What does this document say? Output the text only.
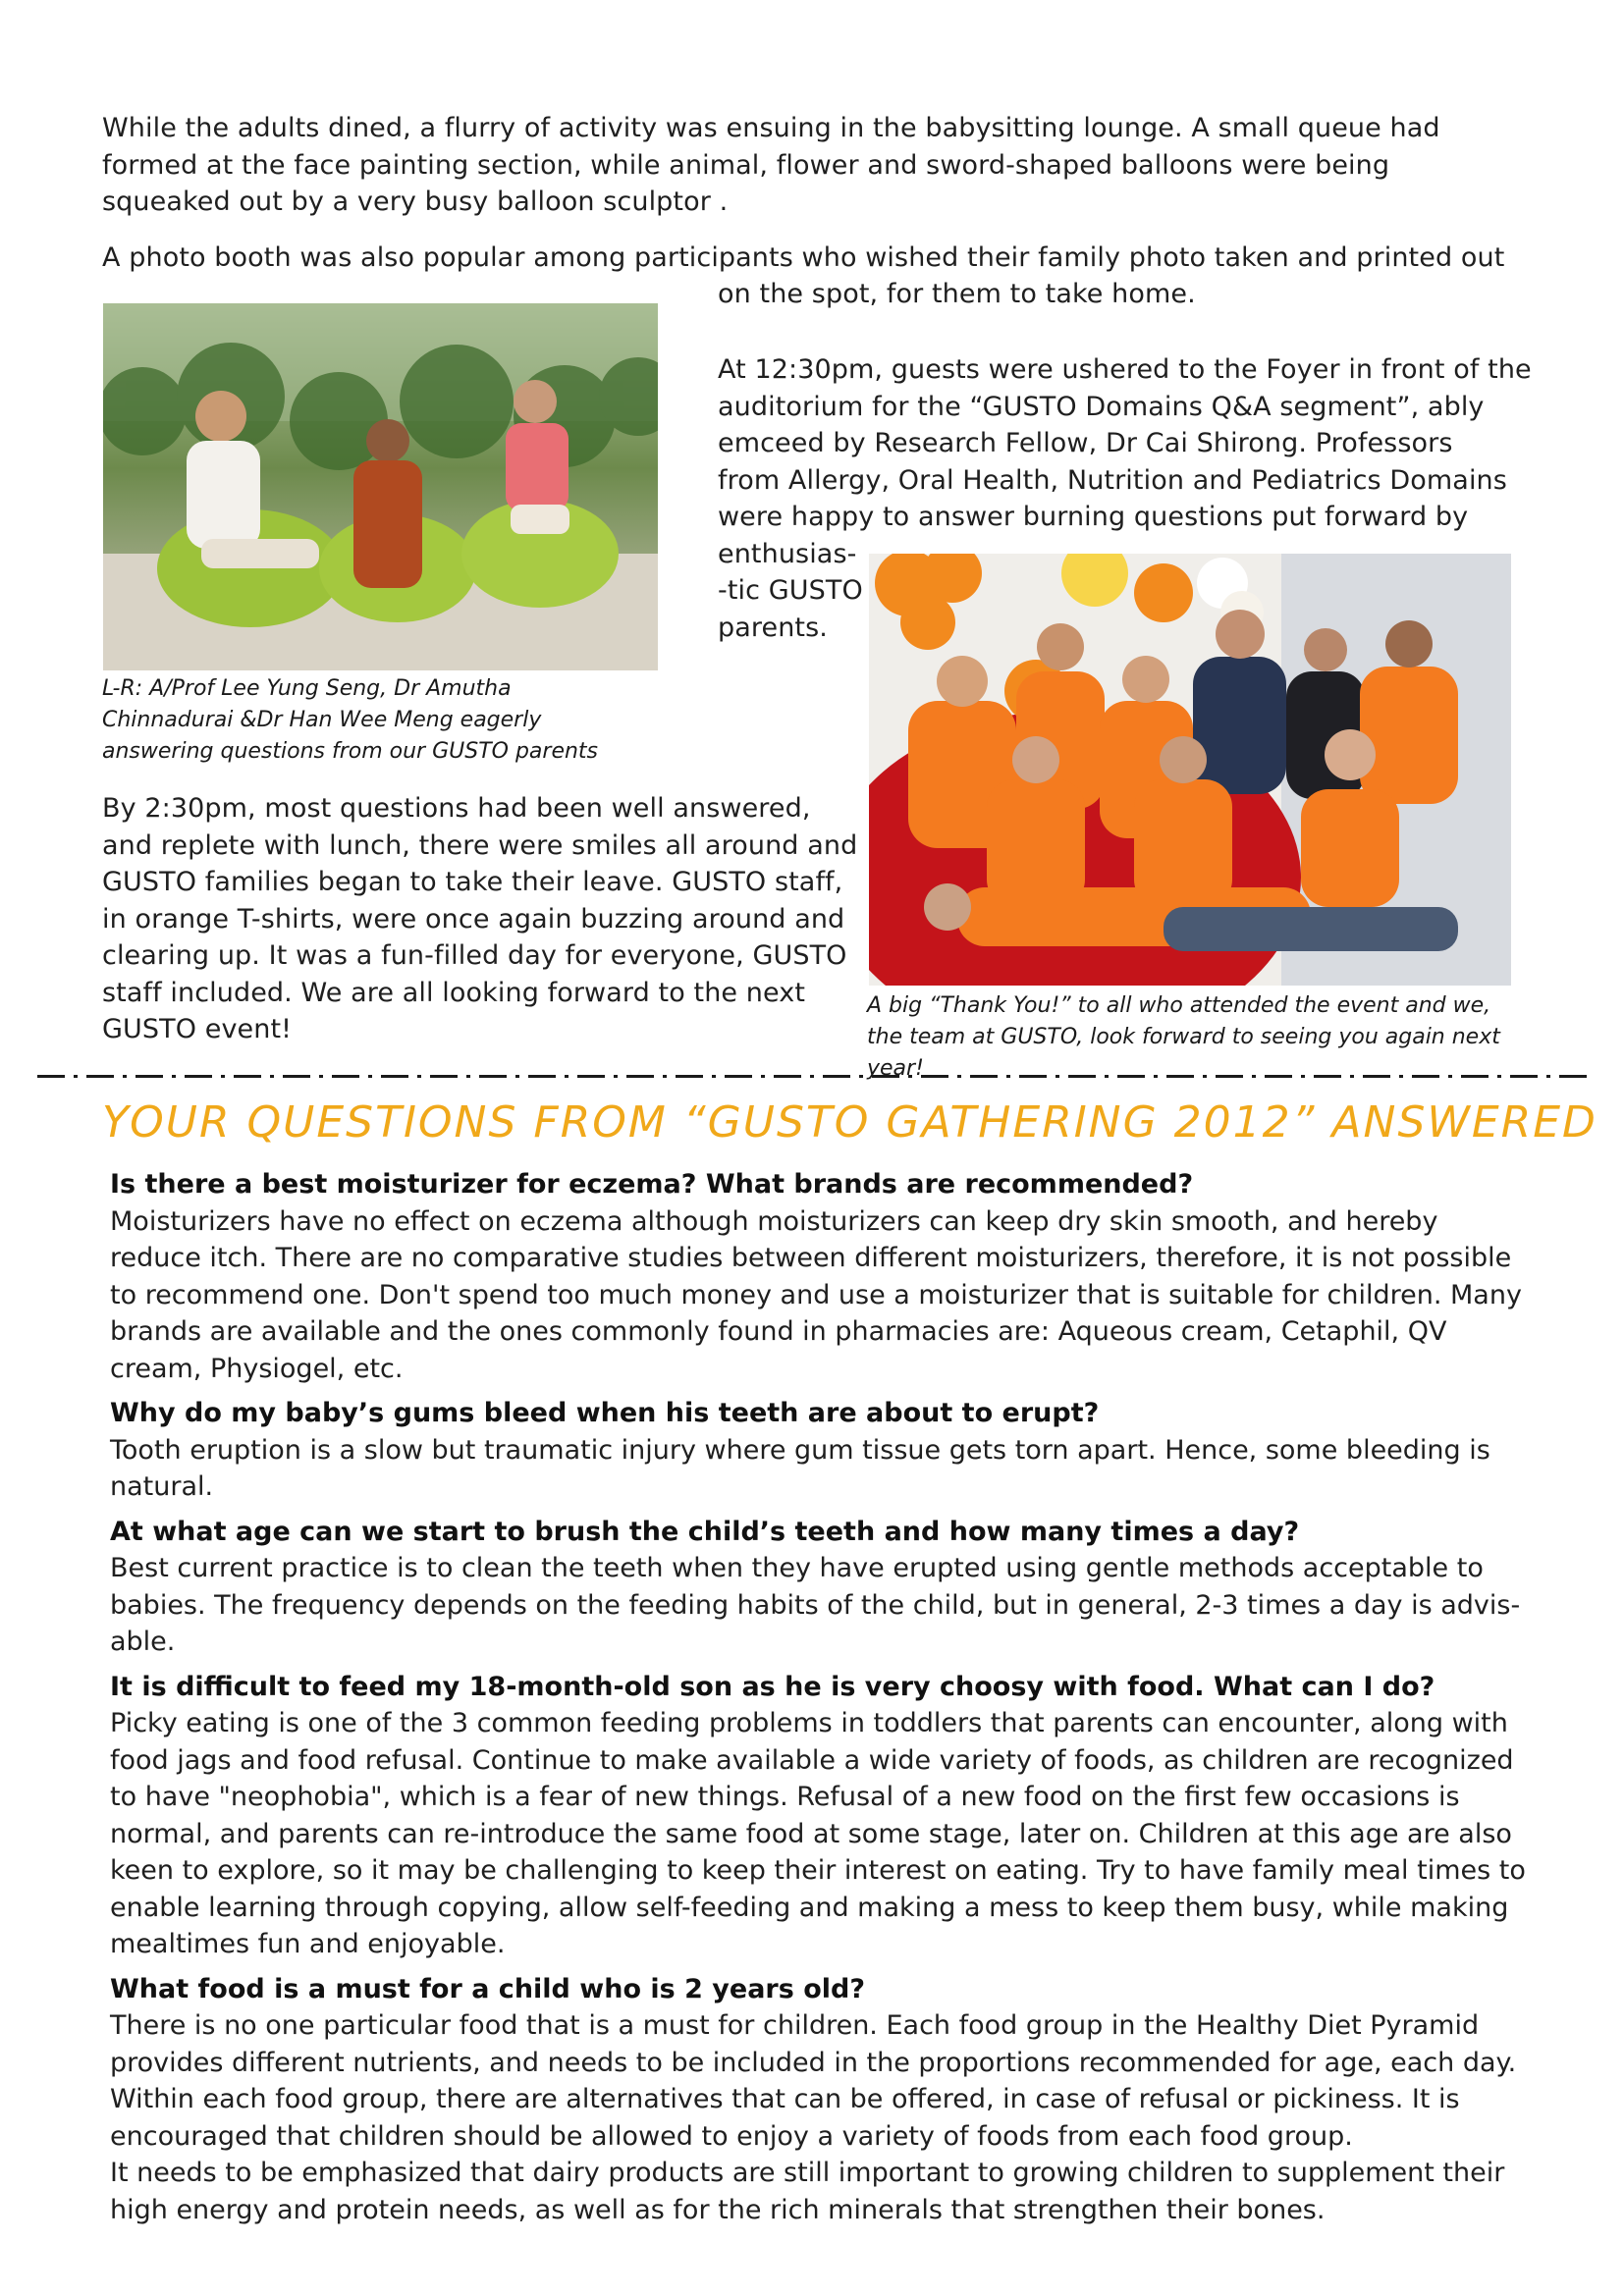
While the adults dined, a flurry of activity was ensuing in the babysitting lounge. A small queue had formed at the face painting section, while animal, flower and sword-shaped balloons were being squeaked out by a very busy balloon sculptor .

A photo booth was also popular among participants who wished their family photo taken and printed out

on the spot, for them to take home.

L-R: A/Prof Lee Yung Seng, Dr Amutha Chinnadurai &Dr Han Wee Meng eagerly answering questions from our GUSTO parents

At 12:30pm, guests were ushered to the Foyer in front of the
auditorium for the “GUSTO Domains Q&A segment”, ably
emceed by Research Fellow, Dr Cai Shirong. Professors
from Allergy, Oral Health, Nutrition and Pediatrics Domains
were happy to answer burning questions put forward by
enthusias-
-tic GUSTO
parents.

A big “Thank You!” to all who attended the event and we, the team at GUSTO, look forward to seeing you again next year!

By 2:30pm, most questions had been well answered, and replete with lunch, there were smiles all around and GUSTO families began to take their leave. GUSTO staff, in orange T-shirts, were once again buzzing around and clearing up. It was a fun-filled day for everyone, GUSTO staff included. We are all looking forward to the next GUSTO event!

YOUR QUESTIONS FROM “GUSTO GATHERING 2012” ANSWERED

Is there a best moisturizer for eczema? What brands are recommended?

Moisturizers have no effect on eczema although moisturizers can keep dry skin smooth, and hereby reduce itch. There are no comparative studies between different moisturizers, therefore, it is not possible to recommend one. Don't spend too much money and use a moisturizer that is suitable for children. Many brands are available and the ones commonly found in pharmacies are: Aqueous cream, Cetaphil, QV cream, Physiogel, etc.

Why do my baby’s gums bleed when his teeth are about to erupt?

Tooth eruption is a slow but traumatic injury where gum tissue gets torn apart. Hence, some bleeding is natural.

At what age can we start to brush the child’s teeth and how many times a day?

Best current practice is to clean the teeth when they have erupted using gentle methods acceptable to babies. The frequency depends on the feeding habits of the child, but in general, 2-3 times a day is advis-able.

It is difficult to feed my 18-month-old son as he is very choosy with food. What can I do?

Picky eating is one of the 3 common feeding problems in toddlers that parents can encounter, along with food jags and food refusal. Continue to make available a wide variety of foods, as children are recognized to have "neophobia", which is a fear of new things. Refusal of a new food on the first few occasions is normal, and parents can re-introduce the same food at some stage, later on. Children at this age are also keen to explore, so it may be challenging to keep their interest on eating. Try to have family meal times to enable learning through copying, allow self-feeding and making a mess to keep them busy, while making mealtimes fun and enjoyable.

What food is a must for a child who is 2 years old?

There is no one particular food that is a must for children. Each food group in the Healthy Diet Pyramid provides different nutrients, and needs to be included in the proportions recommended for age, each day. Within each food group, there are alternatives that can be offered, in case of refusal or pickiness. It is encouraged that children should be allowed to enjoy a variety of foods from each food group.

It needs to be emphasized that dairy products are still important to growing children to supplement their high energy and protein needs, as well as for the rich minerals that strengthen their bones.
